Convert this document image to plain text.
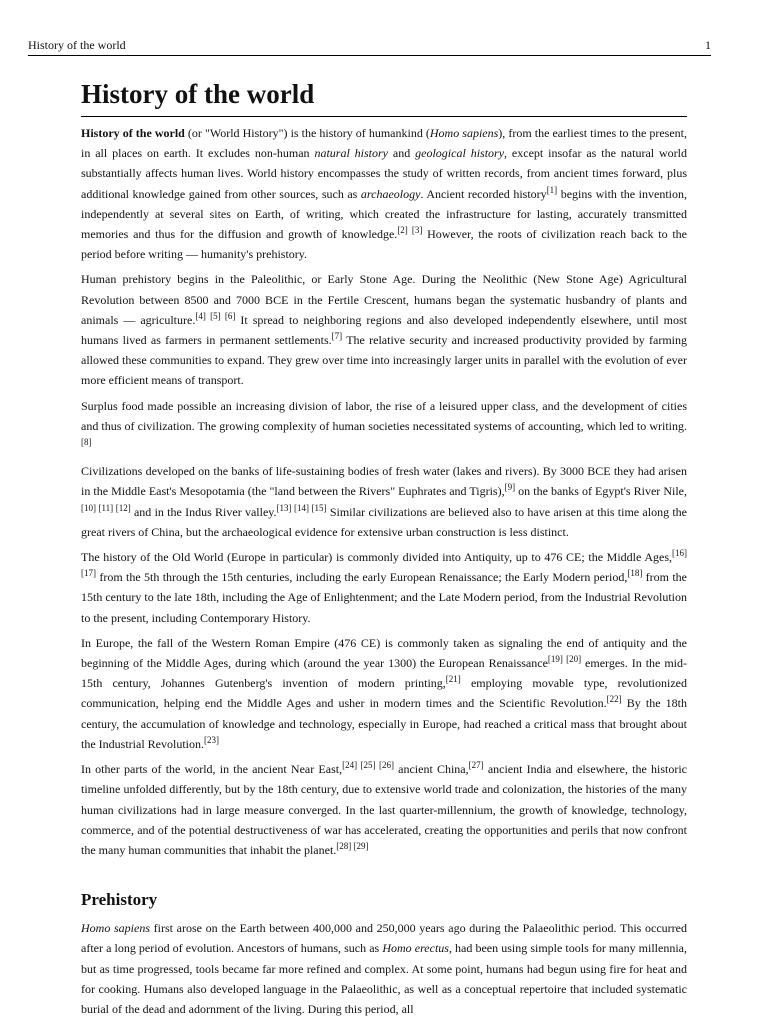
History of the world	1
History of the world

History of the world (or "World History") is the history of humankind (Homo sapiens), from the earliest times to the present, in all places on earth. It excludes non-human natural history and geological history, except insofar as the natural world substantially affects human lives. World history encompasses the study of written records, from ancient times forward, plus additional knowledge gained from other sources, such as archaeology. Ancient recorded history[1] begins with the invention, independently at several sites on Earth, of writing, which created the infrastructure for lasting, accurately transmitted memories and thus for the diffusion and growth of knowledge.[2] [3] However, the roots of civilization reach back to the period before writing — humanity's prehistory.

Human prehistory begins in the Paleolithic, or Early Stone Age. During the Neolithic (New Stone Age) Agricultural Revolution between 8500 and 7000 BCE in the Fertile Crescent, humans began the systematic husbandry of plants and animals — agriculture.[4] [5] [6] It spread to neighboring regions and also developed independently elsewhere, until most humans lived as farmers in permanent settlements.[7] The relative security and increased productivity provided by farming allowed these communities to expand. They grew over time into increasingly larger units in parallel with the evolution of ever more efficient means of transport.

Surplus food made possible an increasing division of labor, the rise of a leisured upper class, and the development of cities and thus of civilization. The growing complexity of human societies necessitated systems of accounting, which led to writing.[8]

Civilizations developed on the banks of life-sustaining bodies of fresh water (lakes and rivers). By 3000 BCE they had arisen in the Middle East's Mesopotamia (the "land between the Rivers" Euphrates and Tigris),[9] on the banks of Egypt's River Nile,[10] [11] [12] and in the Indus River valley.[13] [14] [15] Similar civilizations are believed also to have arisen at this time along the great rivers of China, but the archaeological evidence for extensive urban construction is less distinct.

The history of the Old World (Europe in particular) is commonly divided into Antiquity, up to 476 CE; the Middle Ages,[16] [17] from the 5th through the 15th centuries, including the early European Renaissance; the Early Modern period,[18] from the 15th century to the late 18th, including the Age of Enlightenment; and the Late Modern period, from the Industrial Revolution to the present, including Contemporary History.

In Europe, the fall of the Western Roman Empire (476 CE) is commonly taken as signaling the end of antiquity and the beginning of the Middle Ages, during which (around the year 1300) the European Renaissance[19] [20] emerges. In the mid-15th century, Johannes Gutenberg's invention of modern printing,[21] employing movable type, revolutionized communication, helping end the Middle Ages and usher in modern times and the Scientific Revolution.[22] By the 18th century, the accumulation of knowledge and technology, especially in Europe, had reached a critical mass that brought about the Industrial Revolution.[23]

In other parts of the world, in the ancient Near East,[24] [25] [26] ancient China,[27] ancient India and elsewhere, the historic timeline unfolded differently, but by the 18th century, due to extensive world trade and colonization, the histories of the many human civilizations had in large measure converged. In the last quarter-millennium, the growth of knowledge, technology, commerce, and of the potential destructiveness of war has accelerated, creating the opportunities and perils that now confront the many human communities that inhabit the planet.[28] [29]

Prehistory

Homo sapiens first arose on the Earth between 400,000 and 250,000 years ago during the Palaeolithic period. This occurred after a long period of evolution. Ancestors of humans, such as Homo erectus, had been using simple tools for many millennia, but as time progressed, tools became far more refined and complex. At some point, humans had begun using fire for heat and for cooking. Humans also developed language in the Palaeolithic, as well as a conceptual repertoire that included systematic burial of the dead and adornment of the living. During this period, all
